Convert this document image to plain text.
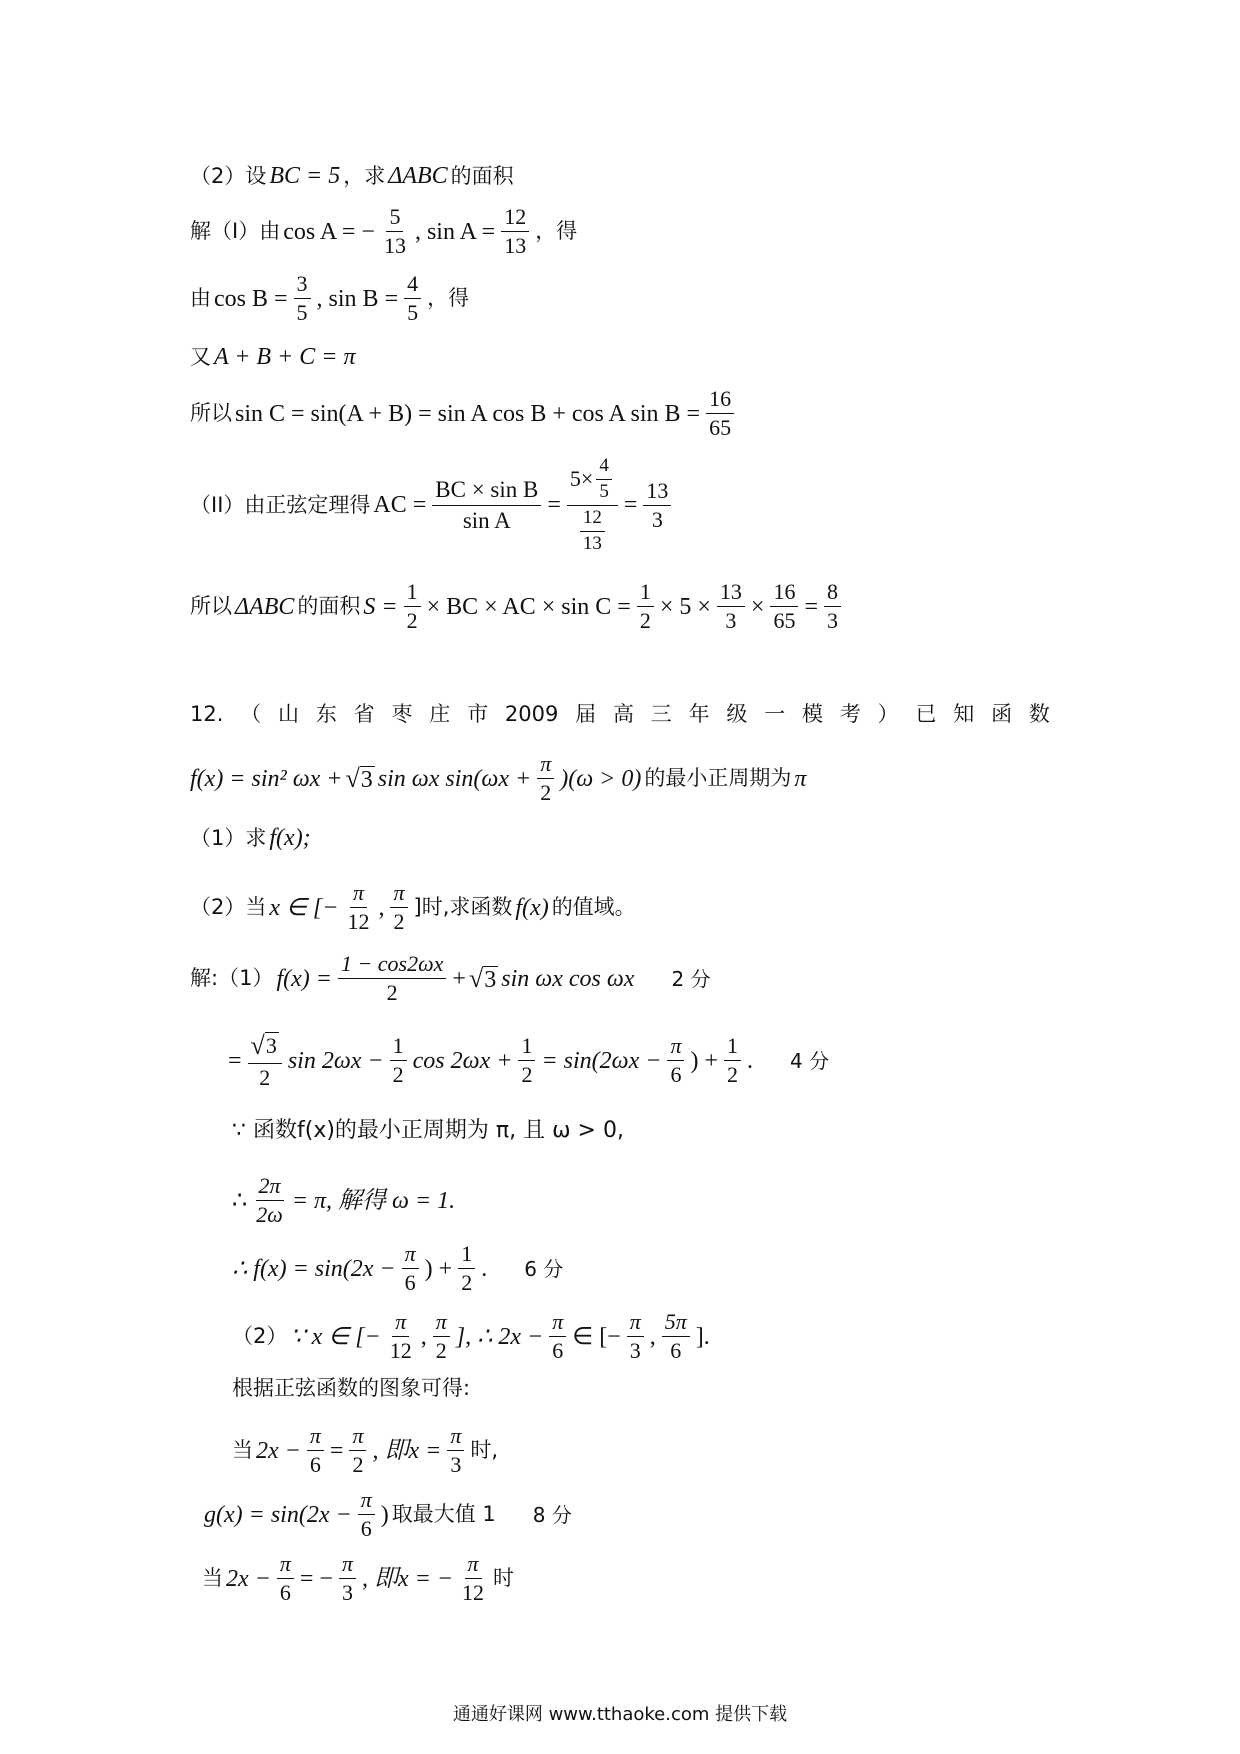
（2）设 BC = 5 ，求 ΔABC 的面积
解（I）由 cos A = − $\frac{5}{13}$ , $\sin A = \frac{12}{13}$ ，得
由 $\cos B = \frac{3}{5}$ , $\sin B = \frac{4}{5}$ ，得
又 A + B + C = π
所以 sin C = sin(A + B) = sin A cos B + cos A $\sin B = \frac{16}{65}$
（II）由正弦定理得 AC = $\frac{\text{BC × sin B}}{\text{sin A}} = \frac{5\times \frac{4}{5}}{\frac{12}{13}} = \frac{13}{3}$
所以 ΔABC 的面积 $S = \frac{1}{2}$ × BC × AC × $\sin C = \frac{1}{2} \times 5 \times \frac{13}{3} \times \frac{16}{65} = \frac{8}{3}$
12. （ 山 东 省 枣 庄 市 2009 届 高 三 年 级 一 模 考 ） 已 知 函 数
f(x) = sin² ωx + √ 3 sin ωx $\sin(\omega x + \frac{\pi}{2} )(\omega > 0)$ 的最小正周期为 π
（1）求 f(x);
（2）当 x ∈ [− $\frac{\pi}{12}$ , $\frac{\pi}{2}$ ]时,求函数 f(x) 的值域。
解:（1） $f(x) = \frac{1 - \cos 2\omega x}{2}$ + √ 3 sin ωx cos ωx 2 分
= $\frac{√ 3}{2}$ $\sin 2\omega x - \frac{1}{2}$ $\cos 2\omega x + \frac{1}{2} = \sin(2\omega x - \frac{\pi}{6}$ ) + $\frac{1}{2}$ . 4 分
∵ 函数f(x)的最小正周期为 π, 且 ω > 0,
∴ $\frac{2\pi}{2\omega} = \pi$, 解得 ω = 1.
∴ $f(x) = \sin(2x - \frac{\pi}{6}$ ) + $\frac{1}{2}$ . 6 分
（2） ∵ x ∈ [− $\frac{\pi}{12}$ , $\frac{\pi}{2}$ ], ∴ $2x - \frac{\pi}{6}$ ∈ [− $\frac{\pi}{3}$ , $\frac{5\pi}{6}$ ].
根据正弦函数的图象可得:
当 $2x - \frac{\pi}{6} = \frac{\pi}{2}$ , 即$x = \frac{\pi}{3}$ 时,
$g(x) = \sin(2x - \frac{\pi}{6}$ ) 取最大值 1 8 分
当 $2x - \frac{\pi}{6}$ = − $\frac{\pi}{3}$ , 即x = − $\frac{\pi}{12}$ 时
通通好课网 www.tthaoke.com 提供下载
